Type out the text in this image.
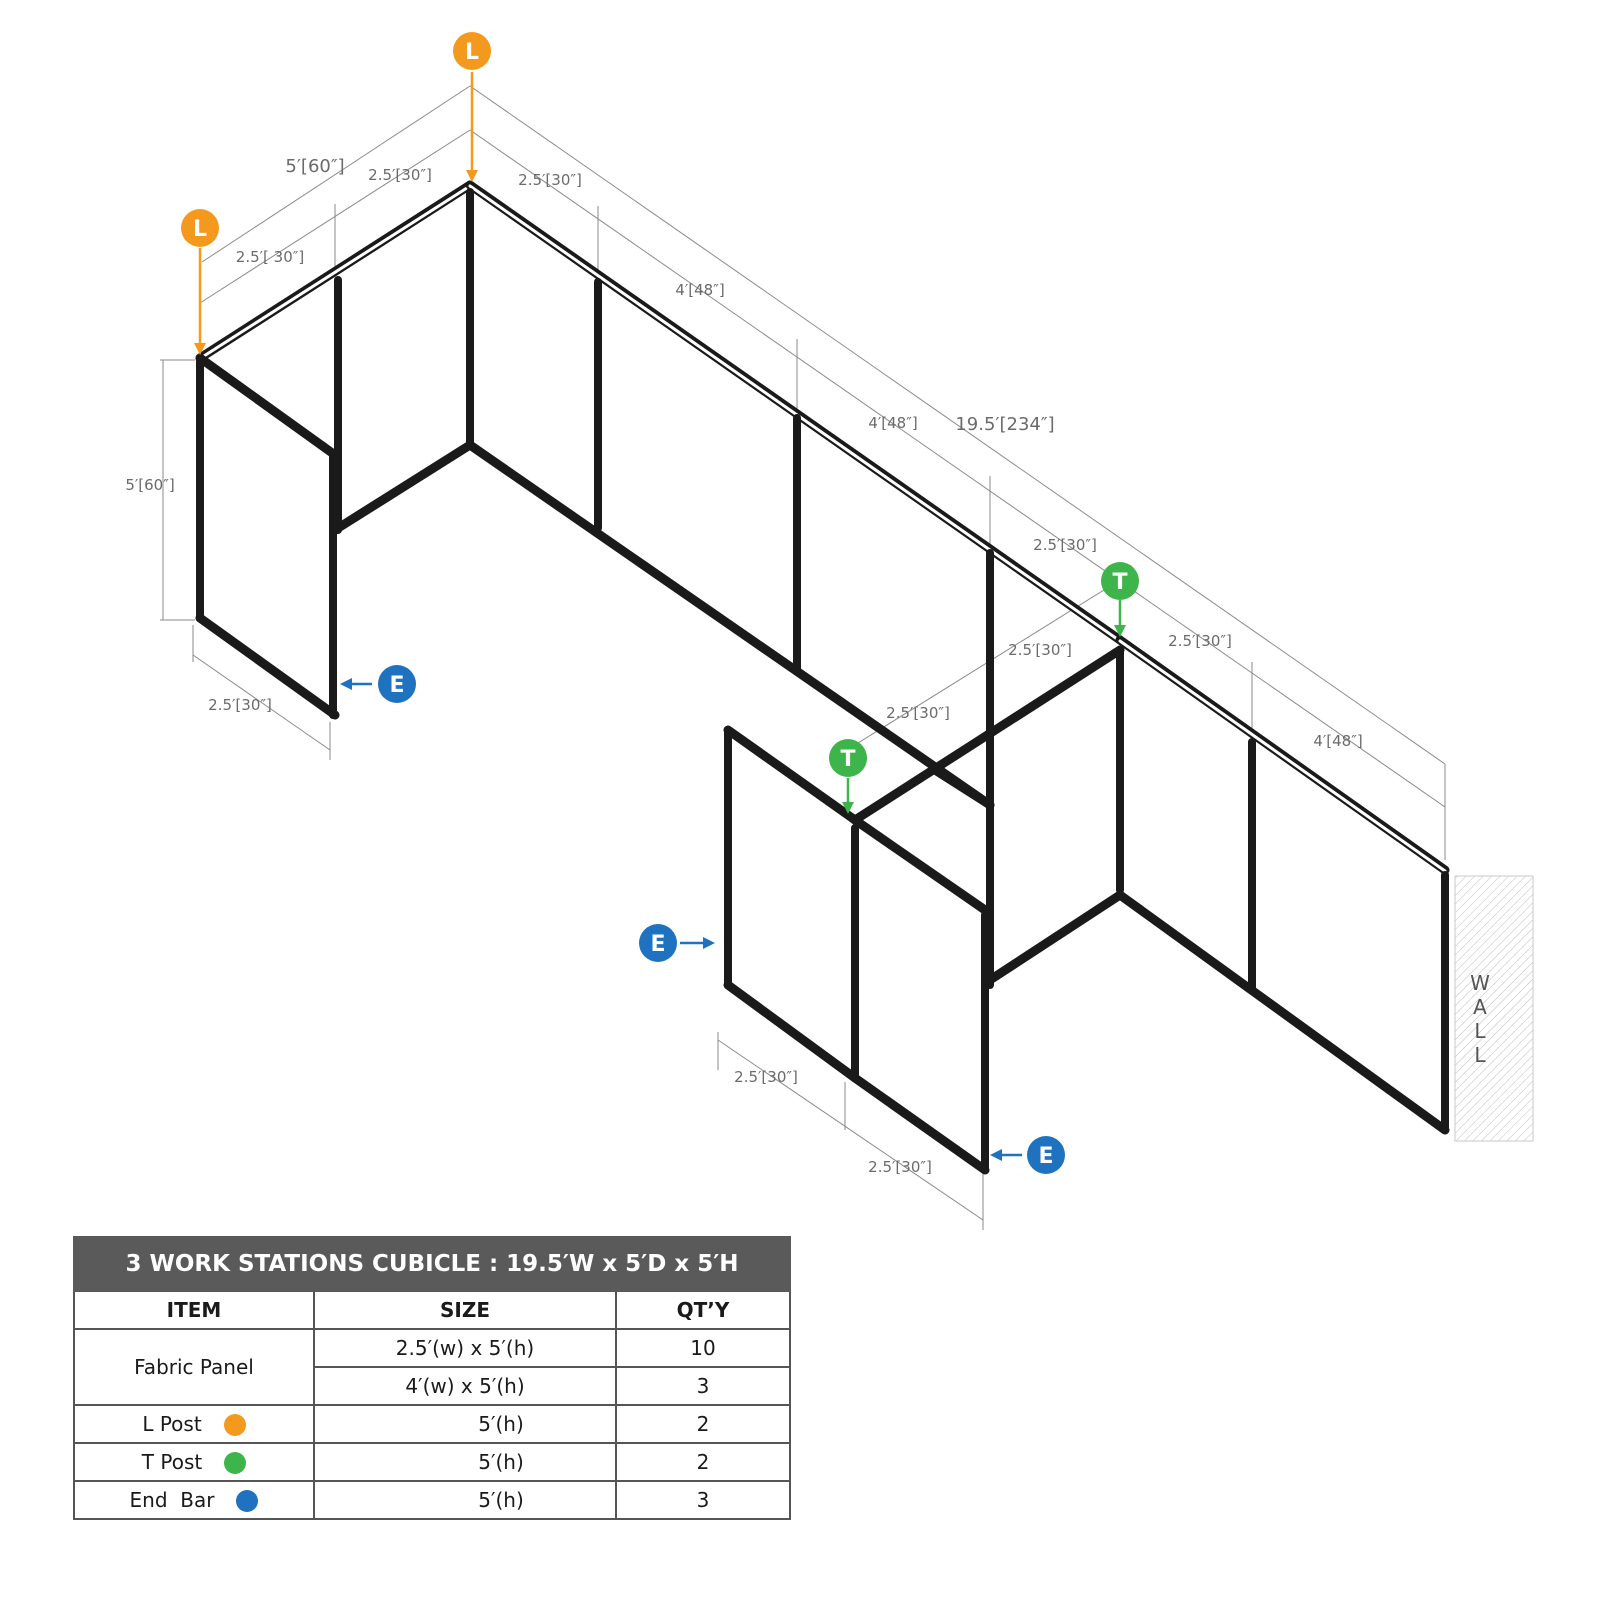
W
A
L
L
5′[60″] 2.5′[30″]	2.5′[30″]
2.5′[ 30″]
4′[48″]
4′[48″] 19.5′[234″]
2.5′[30″]
2.5′[30″]
4′[48″]
2.5′[30″]
2.5′[30″]
5′[60″]
2.5′[30″]
2.5′[30″]
2.5′[30″]
L
L
T
T
E
E
E
3 WORK STATIONS CUBICLE : 19.5′W x 5′D x 5′H		
ITEM	SIZE	QT’Y
Fabric Panel	2.5′(w) x 5′(h)	10
	4′(w) x 5′(h)	3
L Post	5′(h)	2
T Post	5′(h)	2
End  Bar	5′(h)	3
